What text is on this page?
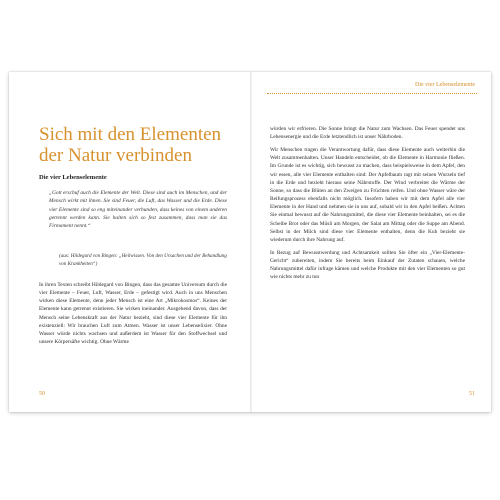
Sich mit den Elementen
der Natur verbinden
Die vier Lebenselemente
„Gott erschuf auch die Elemente der Welt. Diese sind auch im Menschen, und der Mensch wirkt mit ihnen. Sie sind Feuer, die Luft, das Wasser und die Erde. Diese vier Elemente sind so eng miteinander verbunden, dass keines von einem anderen getrennt werden kann. Sie halten sich so fest zusammen, dass man sie das Firmament nennt.“
(aus: Hildegard von Bingen: „Heilwissen. Von den Ursachen und der Behandlung von Krankheiten“)

In ihren Texten schreibt Hildegard von Bingen, dass das gesamte Universum durch die vier Elemente – Feuer, Luft, Wasser, Erde – gefestigt wird. Auch in uns Menschen wirken diese Elemente, denn jeder Mensch ist eine Art „Mikrokosmos“. Keines der Elemente kann getrennt existieren. Sie wirken ineinander. Ausgehend davon, dass der Mensch seine Lebenskraft aus der Natur bezieht, sind diese vier Elemente für ihn existenziell: Wir brauchen Luft zum Atmen. Wasser ist unser Lebenselixier. Ohne Wasser würde nichts wachsen und außerdem ist Wasser für den Stoffwechsel und unsere Körpersäfte wichtig. Ohne Wärme

50
Die vier Lebenselemente

würden wir erfrieren. Die Sonne bringt die Natur zum Wachsen. Das Feuer spendet uns Lebensenergie und die Erde letztendlich ist unser Nährboden.

Wir Menschen tragen die Verantwortung dafür, dass diese Elemente auch weiterhin die Welt zusammenhalten. Unser Handeln entscheidet, ob die Elemente in Harmonie fließen. Im Grunde ist es wichtig, sich bewusst zu machen, dass beispielsweise in dem Apfel, den wir essen, alle vier Elemente enthalten sind: Der Apfelbaum ragt mit seinen Wurzeln tief in die Erde und bezieht hieraus seine Nährstoffe. Der Wind verbreitet die Wärme der Sonne, so dass die Blüten an den Zweigen zu Früchten reifen. Und ohne Wasser wäre der Reifungsprozess ebenfalls nicht möglich. Insofern haben wir mit dem Apfel alle vier Elemente in der Hand und nehmen sie in uns auf, sobald wir in den Apfel beißen. Achten Sie einmal bewusst auf die Nahrungsmittel, die diese vier Elemente beinhalten, sei es die Scheibe Brot oder das Müsli am Morgen, der Salat am Mittag oder die Suppe am Abend. Selbst in der Milch sind diese vier Elemente enthalten, denn die Kuh bezieht sie wiederum durch ihre Nahrung auf.

In Bezug auf Bewusstwerdung und Achtsamkeit sollten Sie öfter ein „Vier-Elemente-Gericht“ zubereiten, indem Sie bereits beim Einkauf der Zutaten schauen, welche Nahrungsmittel dafür infrage kämen und welche Produkte mit den vier Elementen so gut wie nichts mehr zu tun

51
